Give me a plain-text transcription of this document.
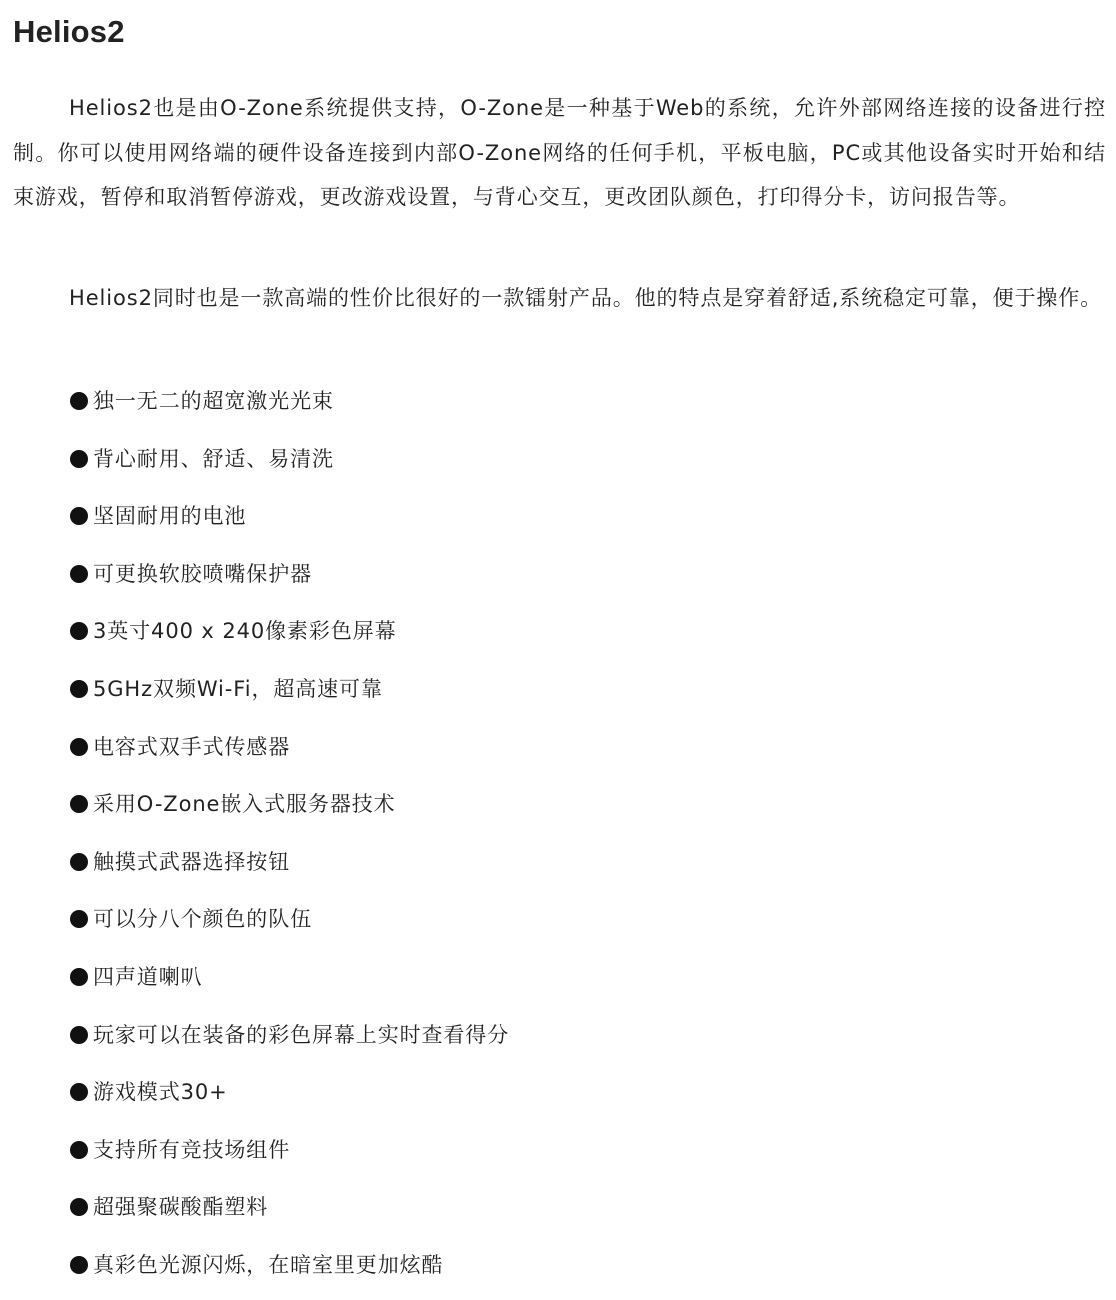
Helios2

Helios2也是由O-Zone系统提供支持，O-Zone是一种基于Web的系统，允许外部网络连接的设备进行控制。你可以使用网络端的硬件设备连接到内部O-Zone网络的任何手机，平板电脑，PC或其他设备实时开始和结束游戏，暂停和取消暂停游戏，更改游戏设置，与背心交互，更改团队颜色，打印得分卡，访问报告等。

Helios2同时也是一款高端的性价比很好的一款镭射产品。他的特点是穿着舒适,系统稳定可靠，便于操作。

独一无二的超宽激光光束
背心耐用、舒适、易清洗
坚固耐用的电池
可更换软胶喷嘴保护器
3英寸400 x 240像素彩色屏幕
5GHz双频Wi-Fi，超高速可靠
电容式双手式传感器
采用O-Zone嵌入式服务器技术
触摸式武器选择按钮
可以分八个颜色的队伍
四声道喇叭
玩家可以在装备的彩色屏幕上实时查看得分
游戏模式30+
支持所有竞技场组件
超强聚碳酸酯塑料
真彩色光源闪烁，在暗室里更加炫酷
